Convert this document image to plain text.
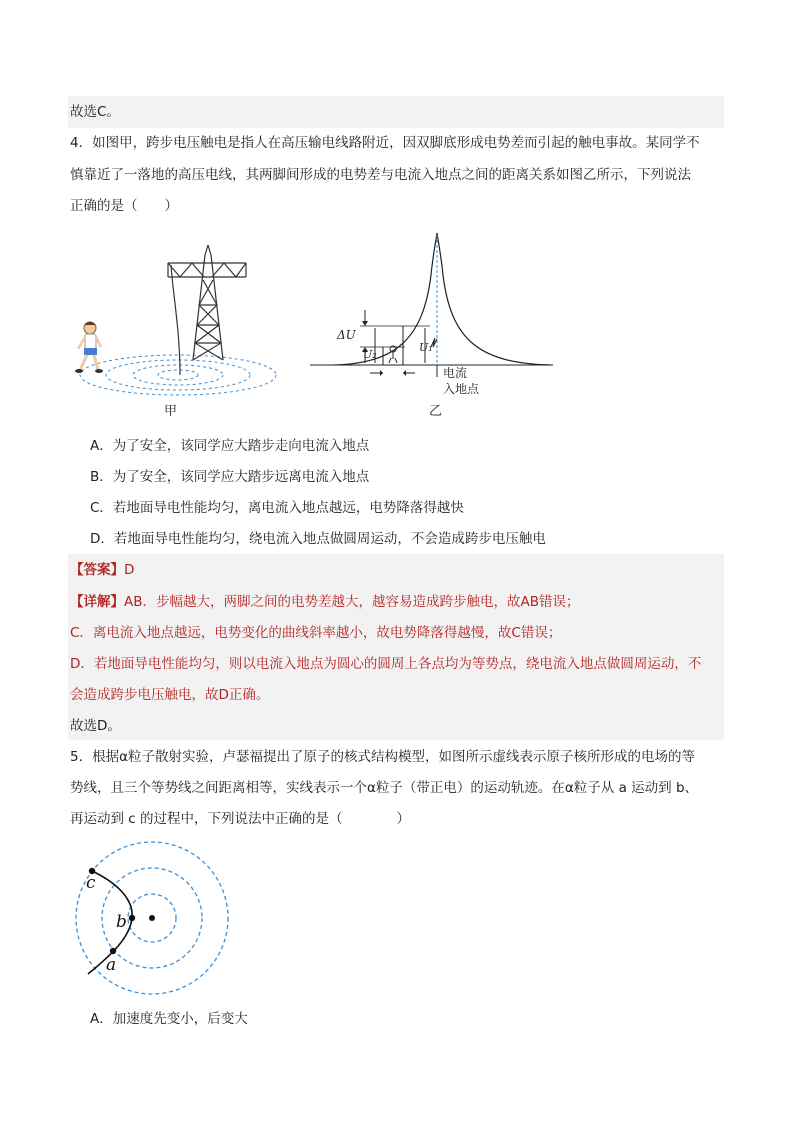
故选C。
4．如图甲，跨步电压触电是指人在高压输电线路附近，因双脚底形成电势差而引起的触电事故。某同学不
慎靠近了一落地的高压电线，其两脚间形成的电势差与电流入地点之间的距离关系如图乙所示，下列说法
正确的是（　　）
甲
ΔU
U₂
U₁
电流
入地点
乙
A．为了安全，该同学应大踏步走向电流入地点
B．为了安全，该同学应大踏步远离电流入地点
C．若地面导电性能均匀，离电流入地点越远，电势降落得越快
D．若地面导电性能均匀，绕电流入地点做圆周运动，不会造成跨步电压触电
【答案】D
【详解】AB．步幅越大，两脚之间的电势差越大，越容易造成跨步触电，故AB错误；
C．离电流入地点越远，电势变化的曲线斜率越小，故电势降落得越慢，故C错误；
D．若地面导电性能均匀，则以电流入地点为圆心的圆周上各点均为等势点，绕电流入地点做圆周运动，不
会造成跨步电压触电，故D正确。
故选D。
5．根据α粒子散射实验，卢瑟福提出了原子的核式结构模型，如图所示虚线表示原子核所形成的电场的等
势线，且三个等势线之间距离相等，实线表示一个α粒子（带正电）的运动轨迹。在α粒子从 a 运动到 b、
再运动到 c 的过程中，下列说法中正确的是（　　　　）
c
b
a
A．加速度先变小，后变大
